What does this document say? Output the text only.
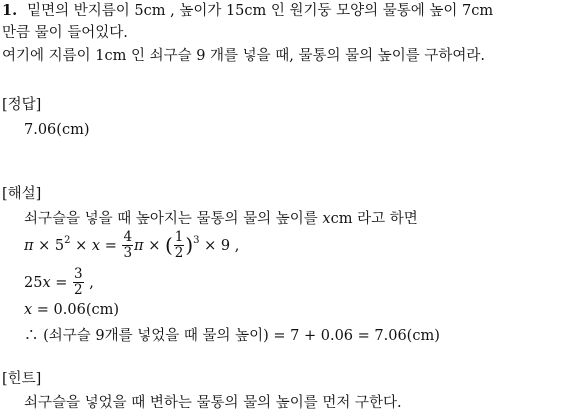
1. 밑면의 반지름이 5cm , 높이가 15cm 인 원기둥 모양의 물통에 높이 7cm
만큼 물이 들어있다.
여기에 지름이 1cm 인 쇠구슬 9 개를 넣을 때, 물통의 물의 높이를 구하여라.
[정답]
7.06(cm)
[해설]
쇠구슬을 넣을 때 높아지는 물통의 물의 높이를 xcm 라고 하면
$\pi \times 5^2 \times x = \frac{4}{3}$ π × ( $\frac{1}{2} )^3 \times 9$ ,
$25x = \frac{3}{2}$ ,
x = 0.06(cm)
∴ (쇠구슬 9개를 넣었을 때 물의 높이) = 7 + 0.06 = 7.06(cm)
[힌트]
쇠구슬을 넣었을 때 변하는 물통의 물의 높이를 먼저 구한다.
